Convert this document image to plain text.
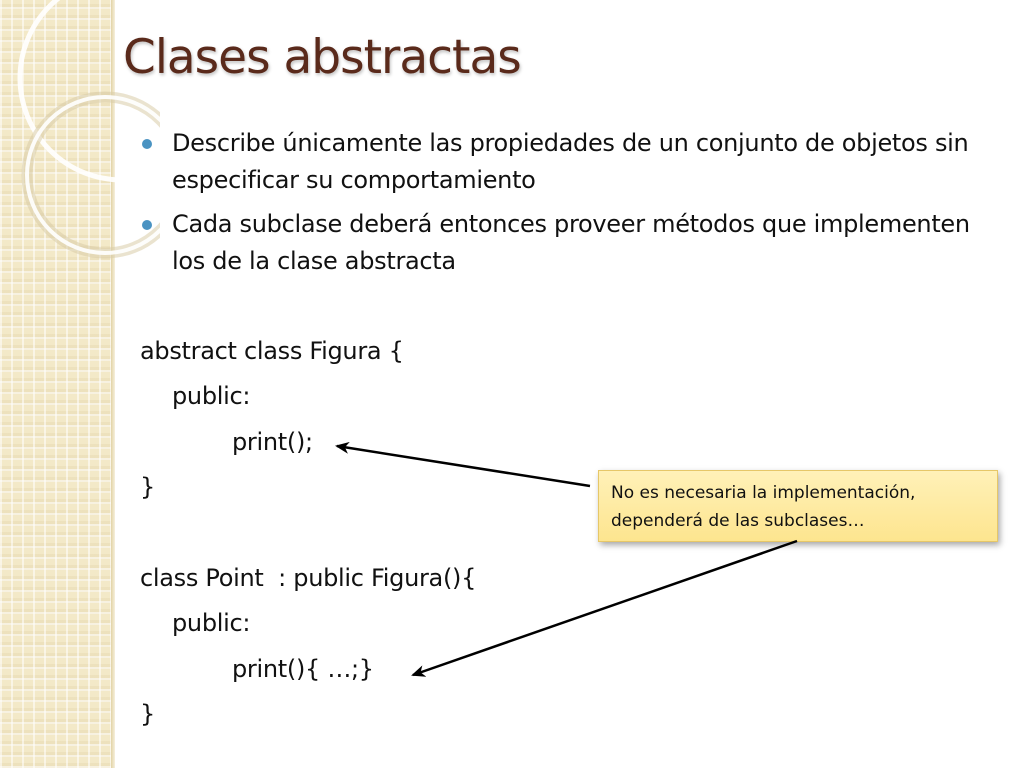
Clases abstractas
Describe únicamente las propiedades de un conjunto de objetos sin especificar su comportamiento
Cada subclase deberá entonces proveer métodos que implementen los de la clase abstracta
abstract class Figura {
public:
print();
}
class Point  : public Figura(){
public:
print(){ …;}
}
No es necesaria la implementación,
dependerá de las subclases…
